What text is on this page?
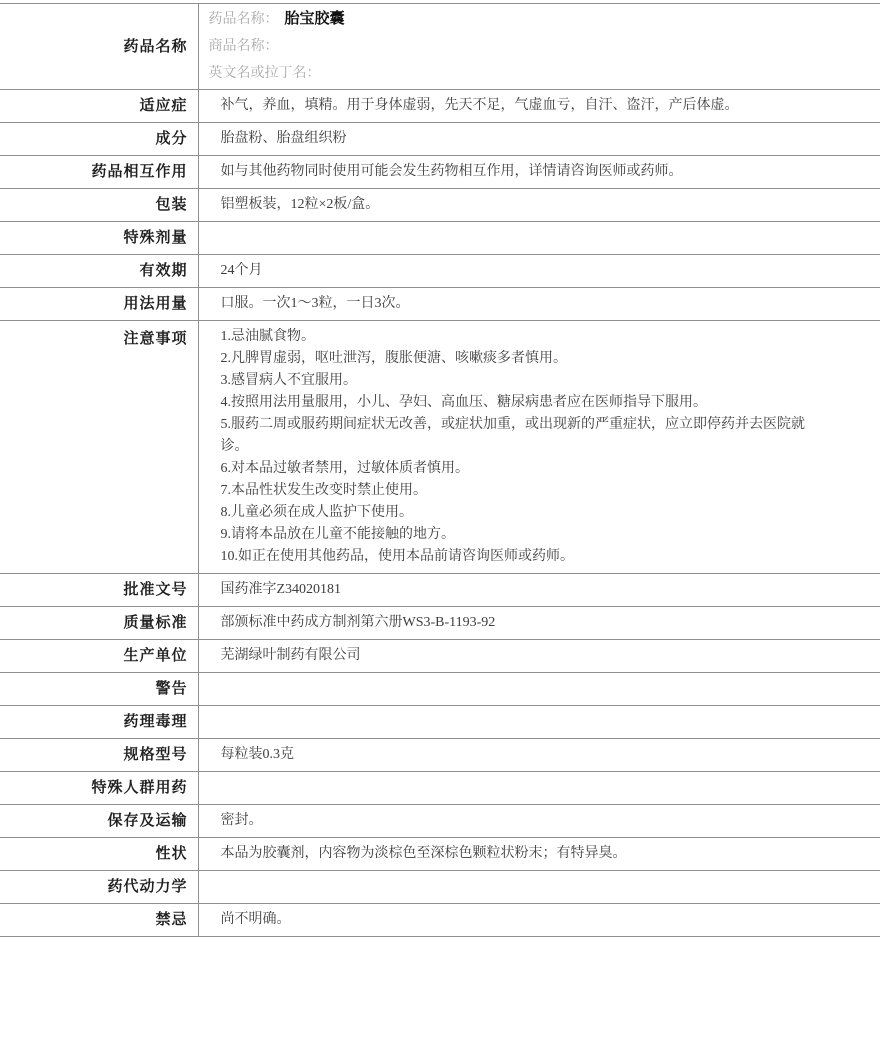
药品名称	药品名称： 胎宝胶囊
商品名称：
英文名或拉丁名：

适应症	补气，养血，填精。用于身体虚弱，先天不足，气虚血亏，自汗、盗汗，产后体虚。
成分	胎盘粉、胎盘组织粉
药品相互作用	如与其他药物同时使用可能会发生药物相互作用，详情请咨询医师或药师。
包装	铝塑板装，12粒×2板/盒。
特殊剂量	
有效期	24个月
用法用量	口服。一次1～3粒，一日3次。
注意事项	1.忌油腻食物。
2.凡脾胃虚弱，呕吐泄泻，腹胀便溏、咳嗽痰多者慎用。
3.感冒病人不宜服用。
4.按照用法用量服用，小儿、孕妇、高血压、糖尿病患者应在医师指导下服用。
5.服药二周或服药期间症状无改善，或症状加重，或出现新的严重症状，应立即停药并去医院就诊。
6.对本品过敏者禁用，过敏体质者慎用。
7.本品性状发生改变时禁止使用。
8.儿童必须在成人监护下使用。
9.请将本品放在儿童不能接触的地方。
10.如正在使用其他药品，使用本品前请咨询医师或药师。

批准文号	国药准字Z34020181
质量标准	部颁标准中药成方制剂第六册WS3-B-1193-92
生产单位	芜湖绿叶制药有限公司
警告	
药理毒理	
规格型号	每粒装0.3克
特殊人群用药	
保存及运输	密封。
性状	本品为胶囊剂，内容物为淡棕色至深棕色颗粒状粉末；有特异臭。
药代动力学	
禁忌	尚不明确。
